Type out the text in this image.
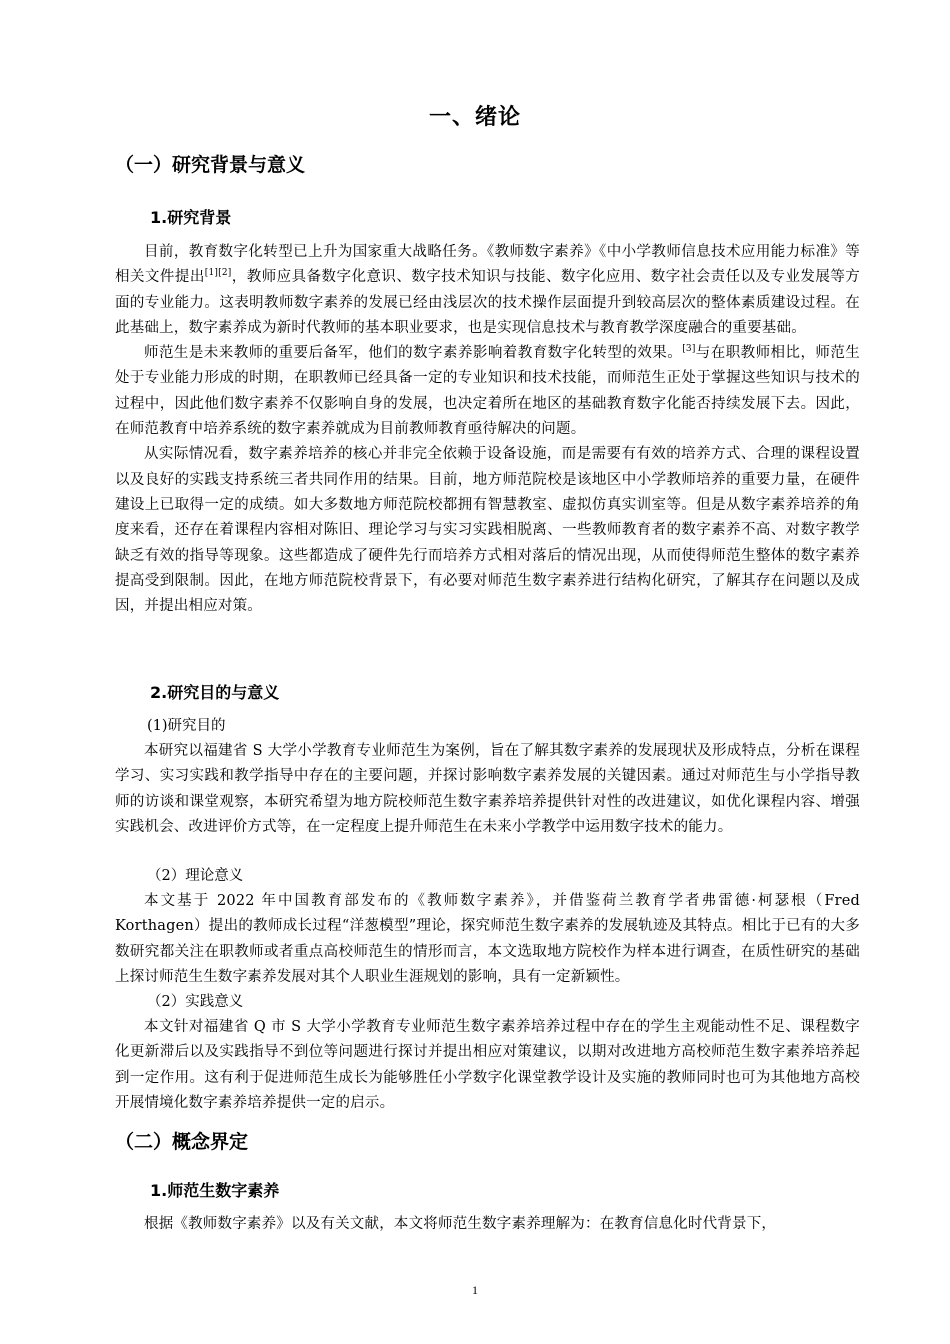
一、绪论
（一）研究背景与意义
1.研究背景

目前，教育数字化转型已上升为国家重大战略任务。《教师数字素养》《中小学教师信息技术应用能力标准》等相关文件提出[1][2]，教师应具备数字化意识、数字技术知识与技能、数字化应用、数字社会责任以及专业发展等方面的专业能力。这表明教师数字素养的发展已经由浅层次的技术操作层面提升到较高层次的整体素质建设过程。在此基础上，数字素养成为新时代教师的基本职业要求，也是实现信息技术与教育教学深度融合的重要基础。

师范生是未来教师的重要后备军，他们的数字素养影响着教育数字化转型的效果。[3]与在职教师相比，师范生处于专业能力形成的时期，在职教师已经具备一定的专业知识和技术技能，而师范生正处于掌握这些知识与技术的过程中，因此他们数字素养不仅影响自身的发展，也决定着所在地区的基础教育数字化能否持续发展下去。因此，在师范教育中培养系统的数字素养就成为目前教师教育亟待解决的问题。

从实际情况看，数字素养培养的核心并非完全依赖于设备设施，而是需要有有效的培养方式、合理的课程设置以及良好的实践支持系统三者共同作用的结果。目前，地方师范院校是该地区中小学教师培养的重要力量，在硬件建设上已取得一定的成绩。如大多数地方师范院校都拥有智慧教室、虚拟仿真实训室等。但是从数字素养培养的角度来看，还存在着课程内容相对陈旧、理论学习与实习实践相脱离、一些教师教育者的数字素养不高、对数字教学缺乏有效的指导等现象。这些都造成了硬件先行而培养方式相对落后的情况出现，从而使得师范生整体的数字素养提高受到限制。因此，在地方师范院校背景下，有必要对师范生数字素养进行结构化研究，了解其存在问题以及成因，并提出相应对策。

2.研究目的与意义
(1)研究目的

本研究以福建省 S 大学小学教育专业师范生为案例，旨在了解其数字素养的发展现状及形成特点，分析在课程学习、实习实践和教学指导中存在的主要问题，并探讨影响数字素养发展的关键因素。通过对师范生与小学指导教师的访谈和课堂观察，本研究希望为地方院校师范生数字素养培养提供针对性的改进建议，如优化课程内容、增强实践机会、改进评价方式等，在一定程度上提升师范生在未来小学教学中运用数字技术的能力。

（2）理论意义

本文基于 2022 年中国教育部发布的《教师数字素养》，并借鉴荷兰教育学者弗雷德·柯瑟根（Fred Korthagen）提出的教师成长过程“洋葱模型”理论，探究师范生数字素养的发展轨迹及其特点。相比于已有的大多数研究都关注在职教师或者重点高校师范生的情形而言，本文选取地方院校作为样本进行调查，在质性研究的基础上探讨师范生生数字素养发展对其个人职业生涯规划的影响，具有一定新颖性。

（2）实践意义

本文针对福建省 Q 市 S 大学小学教育专业师范生数字素养培养过程中存在的学生主观能动性不足、课程数字化更新滞后以及实践指导不到位等问题进行探讨并提出相应对策建议，以期对改进地方高校师范生数字素养培养起到一定作用。这有利于促进师范生成长为能够胜任小学数字化课堂教学设计及实施的教师同时也可为其他地方高校开展情境化数字素养培养提供一定的启示。

（二）概念界定
1.师范生数字素养

根据《教师数字素养》以及有关文献，本文将师范生数字素养理解为：在教育信息化时代背景下，

1
